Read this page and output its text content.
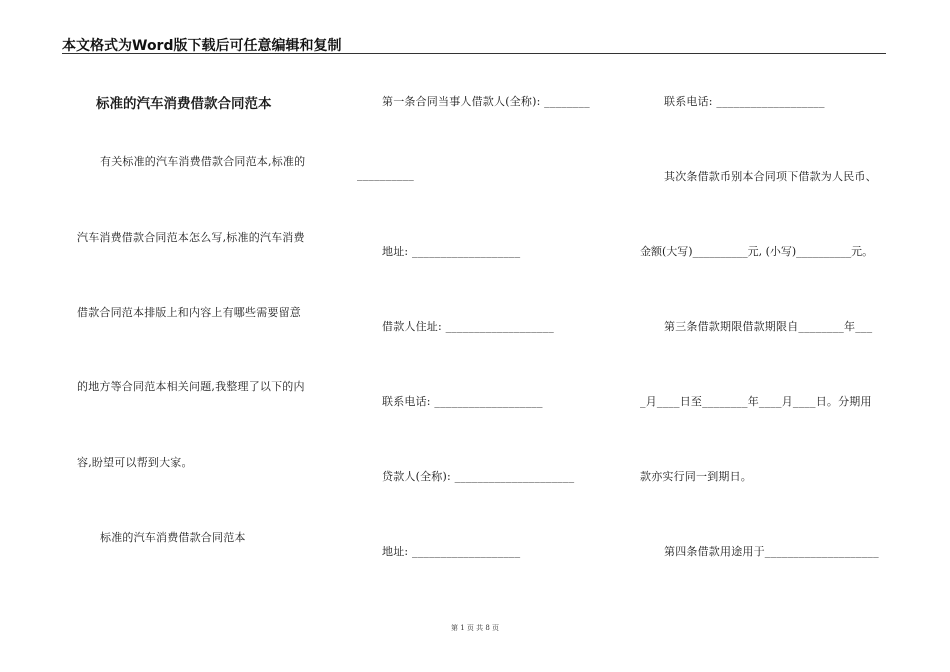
本文格式为Word版下载后可任意编辑和复制
标准的汽车消费借款合同范本
有关标准的汽车消费借款合同范本,标准的
汽车消费借款合同范本怎么写,标准的汽车消费
借款合同范本排版上和内容上有哪些需要留意
的地方等合同范本相关问题,我整理了以下的内
容,盼望可以帮到大家。
标准的汽车消费借款合同范本
第一条合同当事人借款人(全称): ________
__________
地址: ___________________
借款人住址: ___________________
联系电话: ___________________
贷款人(全称): _____________________
地址: ___________________
联系电话: ___________________
其次条借款币别本合同项下借款为人民币、
金额(大写)__________元, (小写)__________元。
第三条借款期限借款期限自________年___
_月____日至________年____月____日。分期用
款亦实行同一到期日。
第四条借款用途用于____________________
第 1 页 共 8 页
